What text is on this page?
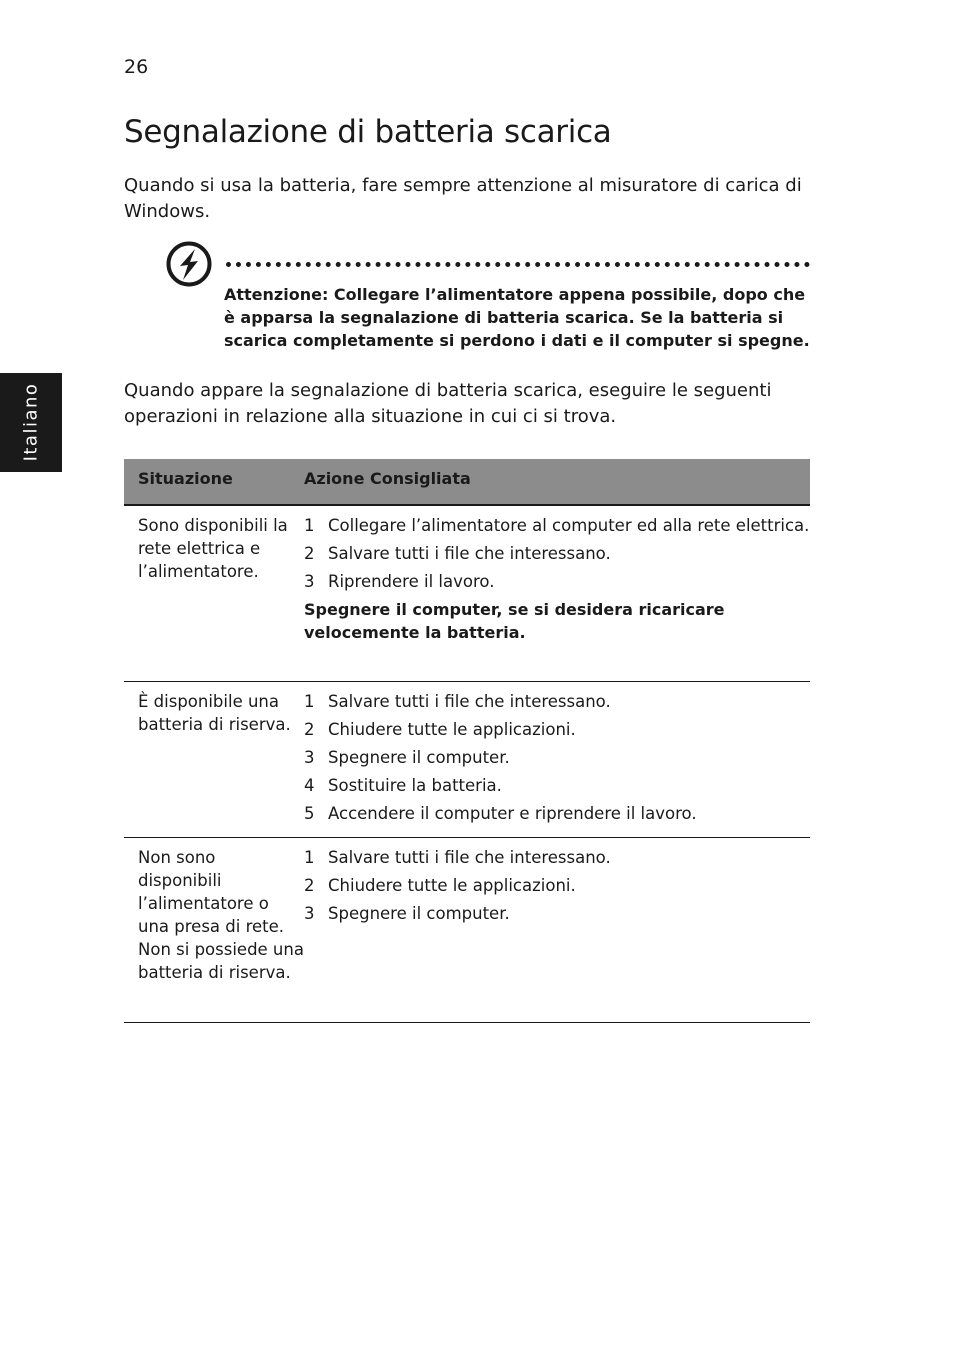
26
Segnalazione di batteria scarica

Quando si usa la batteria, fare sempre attenzione al misuratore di carica di Windows.

Attenzione: Collegare l’alimentatore appena possibile, dopo che è apparsa la segnalazione di batteria scarica. Se la batteria si scarica completamente si perdono i dati e il computer si spegne.

Quando appare la segnalazione di batteria scarica, eseguire le seguenti operazioni in relazione alla situazione in cui ci si trova.

Italiano
Situazione	Azione Consigliata
Sono disponibili la rete elettrica e l’alimentatore.
1 Collegare l’alimentatore al computer ed alla rete elettrica.
2 Salvare tutti i file che interessano.
3 Riprendere il lavoro.
Spegnere il computer, se si desidera ricaricare velocemente la batteria.
È disponibile una batteria di riserva.
1 Salvare tutti i file che interessano.
2 Chiudere tutte le applicazioni.
3 Spegnere il computer.
4 Sostituire la batteria.
5 Accendere il computer e riprendere il lavoro.
Non sono disponibili l’alimentatore o una presa di rete. Non si possiede una batteria di riserva.
1 Salvare tutti i file che interessano.
2 Chiudere tutte le applicazioni.
3 Spegnere il computer.
